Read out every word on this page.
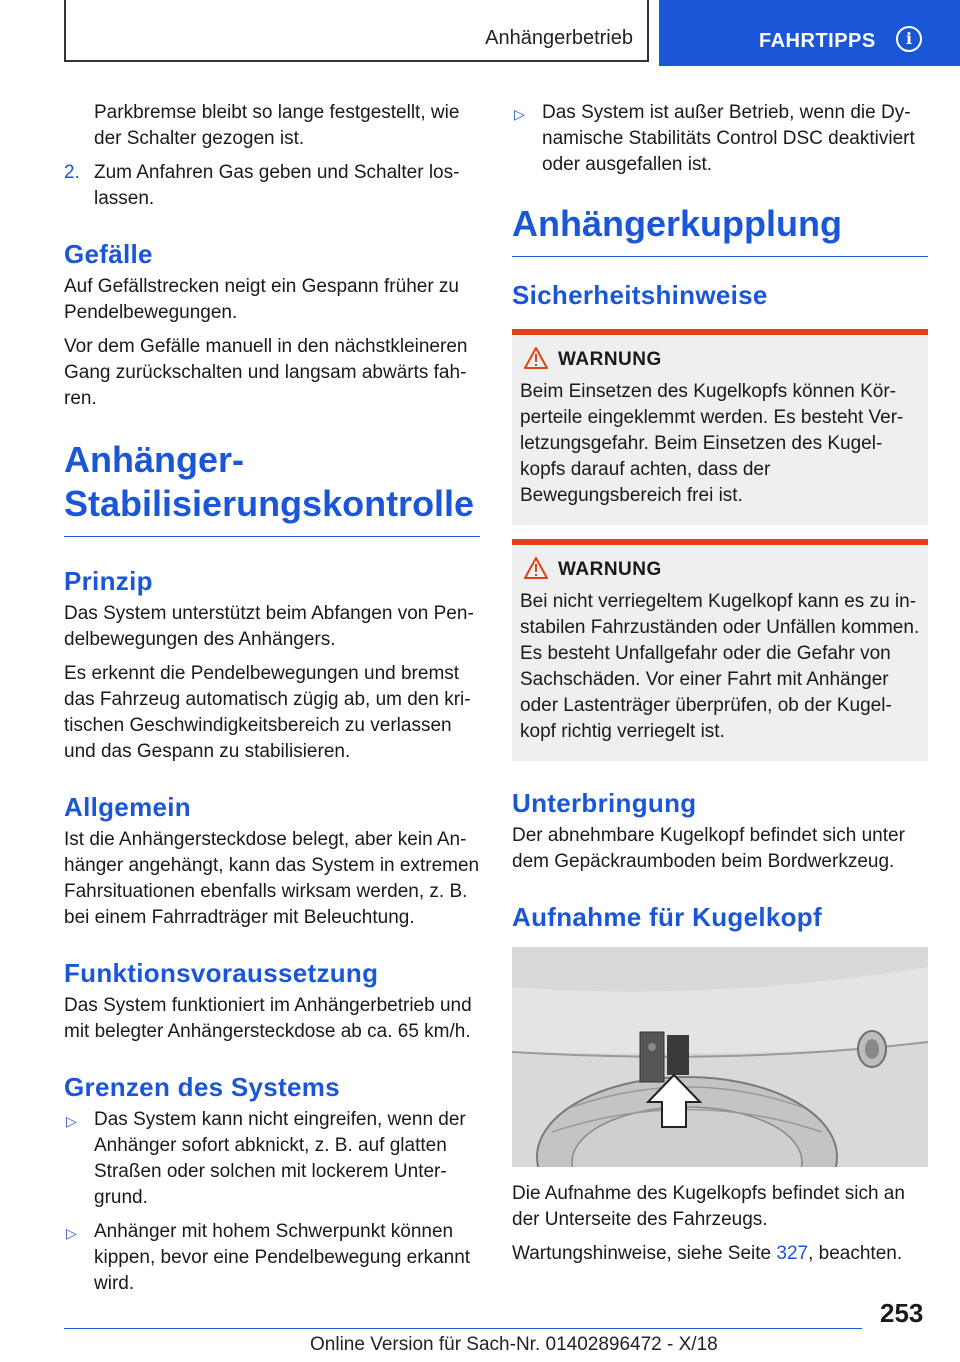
Anhängerbetrieb	FAHRTIPPS	i

Parkbremse bleibt so lange festgestellt, wie der Schalter gezogen ist.

2. Zum Anfahren Gas geben und Schalter loslassen.
Gefälle

Auf Gefällstrecken neigt ein Gespann früher zu Pendelbewegungen.

Vor dem Gefälle manuell in den nächstkleineren Gang zurückschalten und langsam abwärts fahren.

Anhänger-
Stabilisierungskontrolle
Prinzip

Das System unterstützt beim Abfangen von Pendelbewegungen des Anhängers.

Es erkennt die Pendelbewegungen und bremst das Fahrzeug automatisch zügig ab, um den kritischen Geschwindigkeitsbereich zu verlassen und das Gespann zu stabilisieren.

Allgemein

Ist die Anhängersteckdose belegt, aber kein Anhänger angehängt, kann das System in extremen Fahrsituationen ebenfalls wirksam werden, z. B. bei einem Fahrradträger mit Beleuchtung.

Funktionsvoraussetzung

Das System funktioniert im Anhängerbetrieb und mit belegter Anhängersteckdose ab ca. 65 km/h.

Grenzen des Systems
▷ Das System kann nicht eingreifen, wenn der Anhänger sofort abknickt, z. B. auf glatten Straßen oder solchen mit lockerem Untergrund.
▷ Anhänger mit hohem Schwerpunkt können kippen, bevor eine Pendelbewegung erkannt wird.
▷ Das System ist außer Betrieb, wenn die Dynamische Stabilitäts Control DSC deaktiviert oder ausgefallen ist.
Anhängerkupplung
Sicherheitshinweise
WARNUNG

Beim Einsetzen des Kugelkopfs können Körperteile eingeklemmt werden. Es besteht Verletzungsgefahr. Beim Einsetzen des Kugelkopfs darauf achten, dass der Bewegungsbereich frei ist.

WARNUNG

Bei nicht verriegeltem Kugelkopf kann es zu instabilen Fahrzuständen oder Unfällen kommen. Es besteht Unfallgefahr oder die Gefahr von Sachschäden. Vor einer Fahrt mit Anhänger oder Lastenträger überprüfen, ob der Kugelkopf richtig verriegelt ist.

Unterbringung

Der abnehmbare Kugelkopf befindet sich unter dem Gepäckraumboden beim Bordwerkzeug.

Aufnahme für Kugelkopf

Die Aufnahme des Kugelkopfs befindet sich an der Unterseite des Fahrzeugs.

Wartungshinweise, siehe Seite 327, beachten.

253
Online Version für Sach-Nr. 01402896472 - X/18
